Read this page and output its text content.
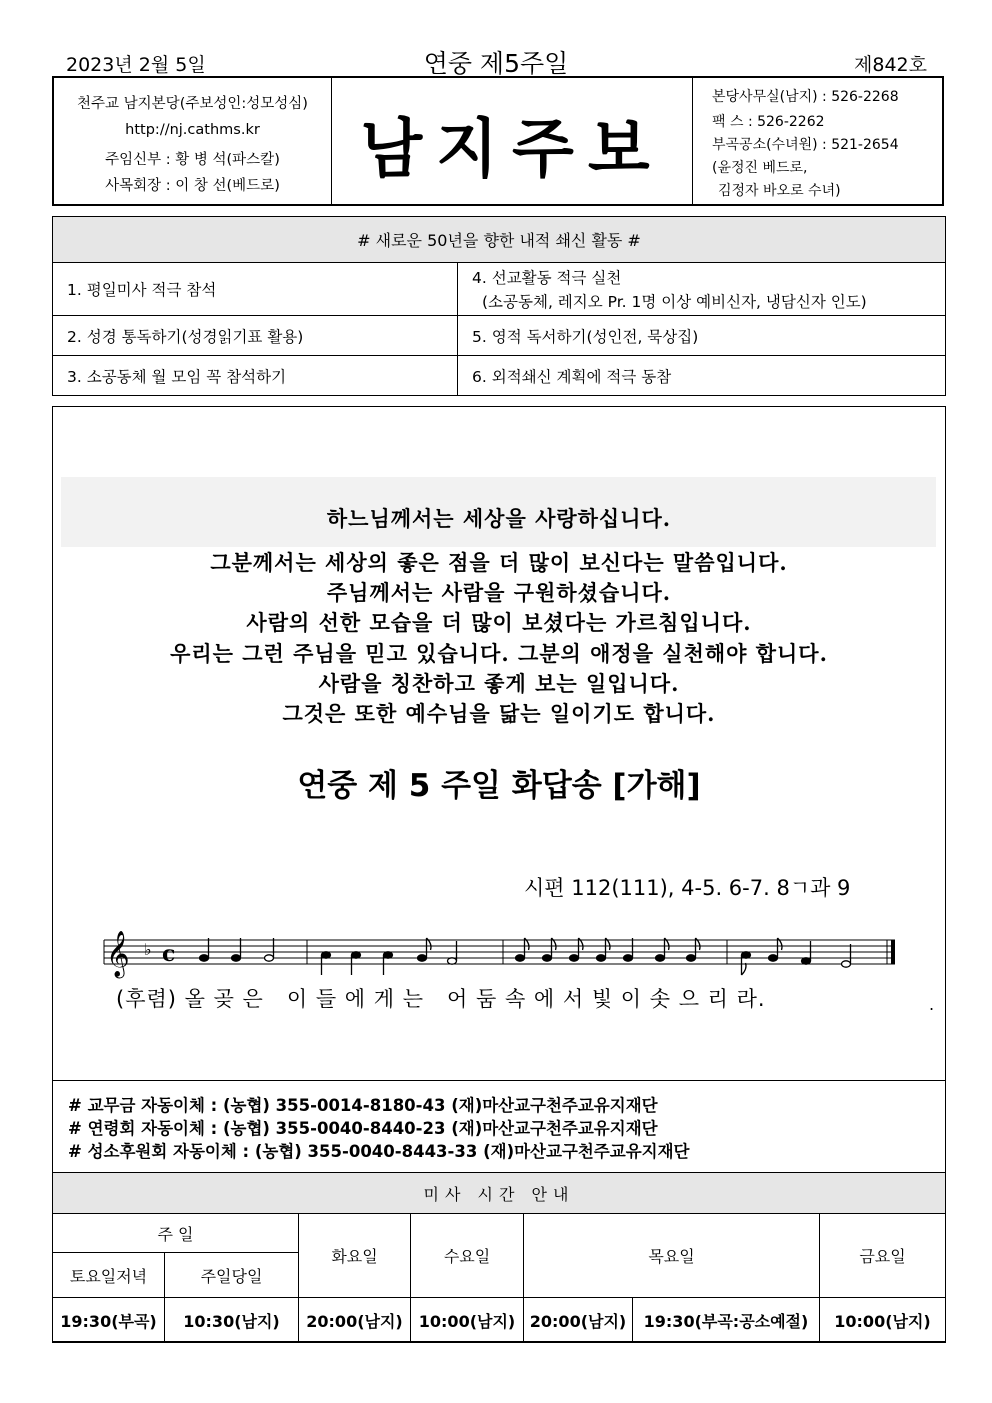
2023년 2월 5일	연중 제5주일	제842호
천주교 남지본당(주보성인:성모성심)
http://nj.cathms.kr
주임신부 : 황 병 석(파스칼)
사목회장 : 이 창 선(베드로)	남지주보
본당사무실(남지) : 526-2268
팩 스 : 526-2262
부곡공소(수녀원) : 521-2654
(윤정진 베드로,
김정자 바오로 수녀)
# 새로운 50년을 향한 내적 쇄신 활동 #	
1. 평일미사 적극 참석	4. 선교활동 적극 실천
(소공동체, 레지오 Pr. 1명 이상 예비신자, 냉담신자 인도)

2. 성경 통독하기(성경읽기표 활용)	5. 영적 독서하기(성인전, 묵상집)
3. 소공동체 월 모임 꼭 참석하기	6. 외적쇄신 계획에 적극 동참
하느님께서는 세상을 사랑하십니다.
그분께서는 세상의 좋은 점을 더 많이 보신다는 말씀입니다.
주님께서는 사람을 구원하셨습니다.
사람의 선한 모습을 더 많이 보셨다는 가르침입니다.
우리는 그런 주님을 믿고 있습니다. 그분의 애정을 실천해야 합니다.
사람을 칭찬하고 좋게 보는 일입니다.
그것은 또한 예수님을 닮는 일이기도 합니다.
연중 제 5 주일 화답송 [가해]
시편 112(111), 4-5. 6-7. 8ㄱ과 9
𝄞 ♭ c
(후렴) 올 곶 은   이 들 에 게 는   어 둠 속 에 서 빛 이 솟 으 리 라.	.
# 교무금 자동이체 : (농협) 355-0014-8180-43 (재)마산교구천주교유지재단
# 연령회 자동이체 : (농협) 355-0040-8440-23 (재)마산교구천주교유지재단
# 성소후원회 자동이체 : (농협) 355-0040-8443-33 (재)마산교구천주교유지재단
미사 시간 안내						
주 일		화요일	수요일	목요일		금요일
토요일저녁	주일당일					
19:30(부곡)	10:30(남지)	20:00(남지)	10:00(남지)	20:00(남지)	19:30(부곡:공소예절)	10:00(남지)
